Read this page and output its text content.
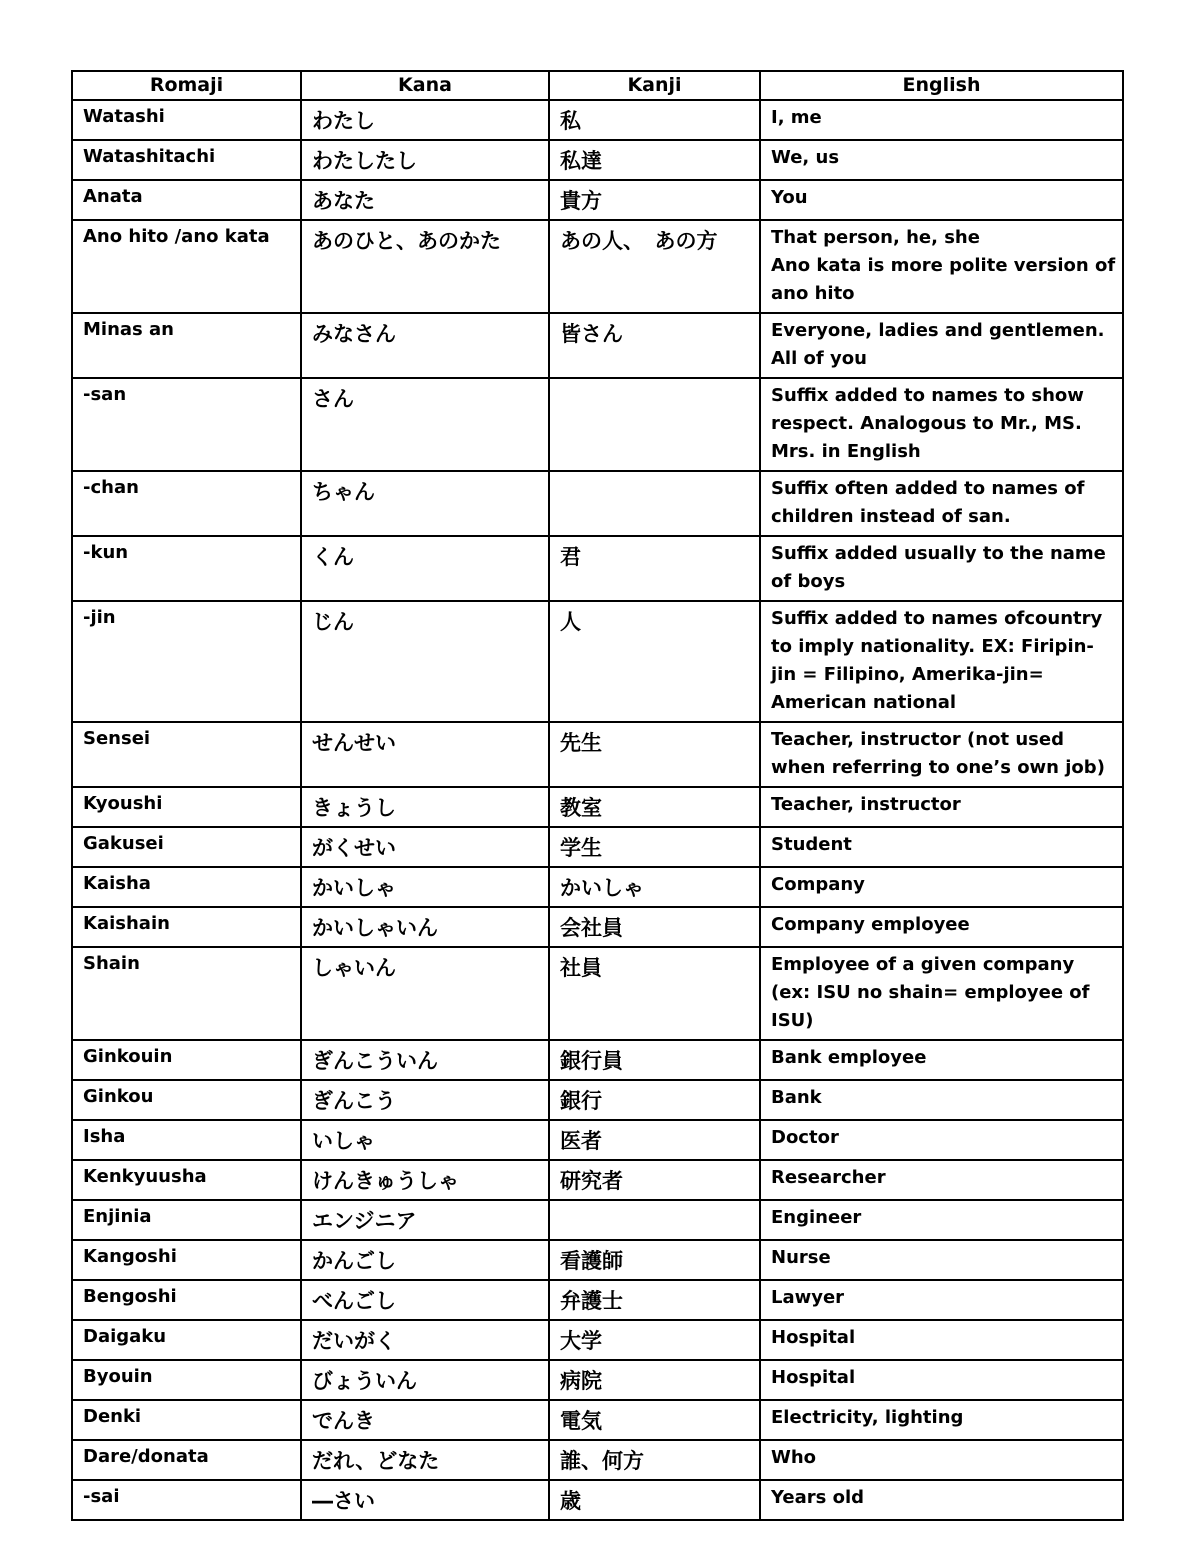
Romaji	Kana	Kanji	English
Watashi	わたし	私	I, me
Watashitachi	わたしたし	私達	We, us
Anata	あなた	貴方	You
Ano hito /ano kata	あのひと、あのかた	あの人、　あの方	That person, he, she
Ano kata is more polite version of ano hito
Minas an	みなさん	皆さん	Everyone, ladies and gentlemen. All of you
-san	さん		Suffix added to names to show respect. Analogous to Mr., MS. Mrs. in English
-chan	ちゃん		Suffix often added to names of children instead of san.
-kun	くん	君	Suffix added usually to the name of boys
-jin	じん	人	Suffix added to names ofcountry to imply nationality. EX: Firipin-jin = Filipino, Amerika-jin= American national
Sensei	せんせい	先生	Teacher, instructor (not used when referring to one’s own job)
Kyoushi	きょうし	教室	Teacher, instructor
Gakusei	がくせい	学生	Student
Kaisha	かいしゃ	かいしゃ	Company
Kaishain	かいしゃいん	会社員	Company employee
Shain	しゃいん	社員	Employee of a given company (ex: ISU no shain= employee of ISU)
Ginkouin	ぎんこういん	銀行員	Bank employee
Ginkou	ぎんこう	銀行	Bank
Isha	いしゃ	医者	Doctor
Kenkyuusha	けんきゅうしゃ	研究者	Researcher
Enjinia	エンジニア		Engineer
Kangoshi	かんごし	看護師	Nurse
Bengoshi	べんごし	弁護士	Lawyer
Daigaku	だいがく	大学	Hospital
Byouin	びょういん	病院	Hospital
Denki	でんき	電気	Electricity, lighting
Dare/donata	だれ、どなた	誰、何方	Who
-sai	―さい	歳	Years old
